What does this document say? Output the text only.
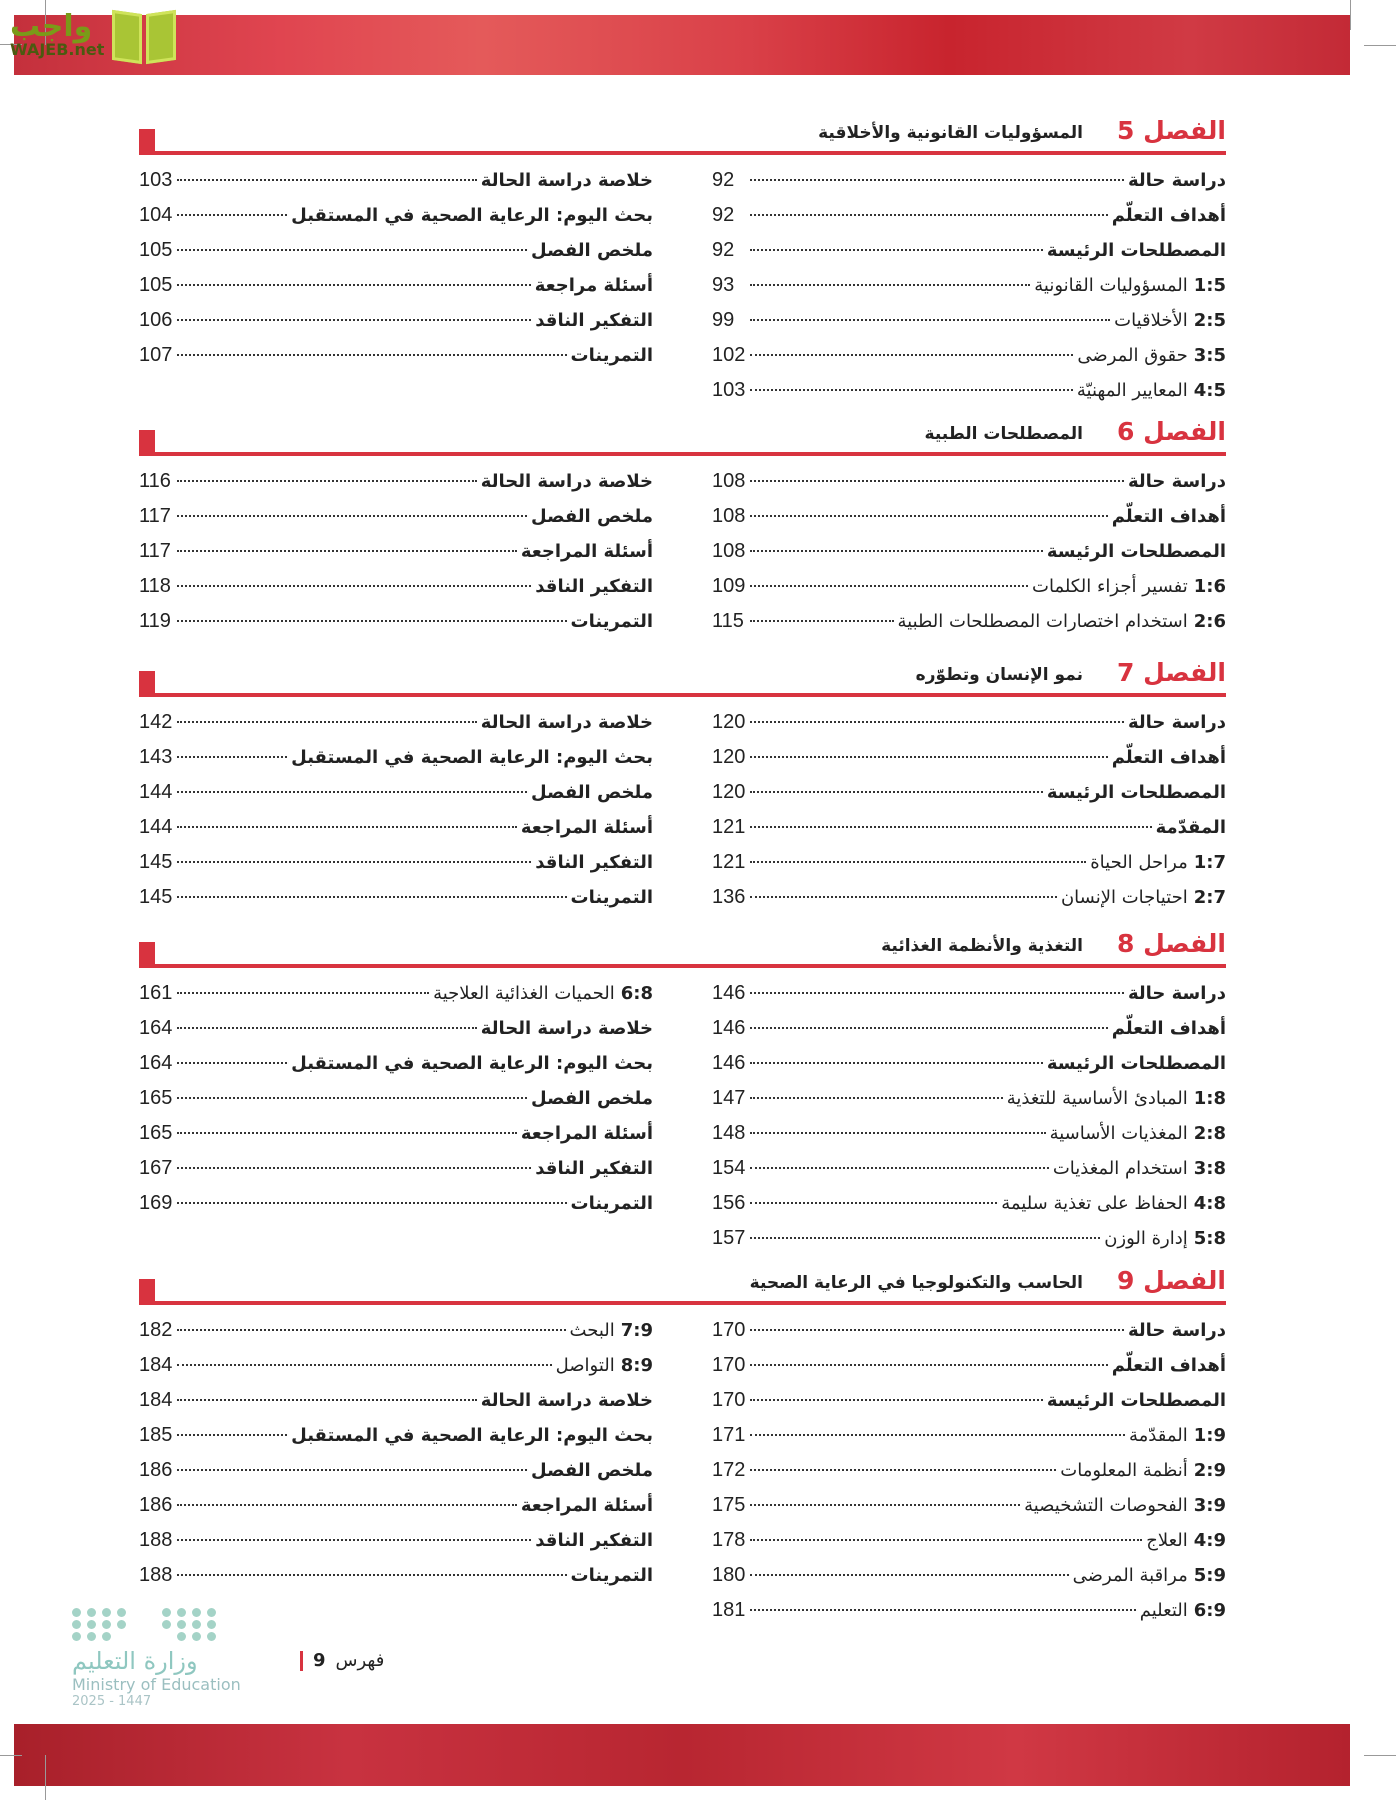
واجب
WAJEB.net
الفصل 5
المسؤوليات القانونية والأخلاقية
دراسة حالة
92
أهداف التعلّم
92
المصطلحات الرئيسة
92
1:5
المسؤوليات القانونية
93
2:5
الأخلاقيات
99
3:5
حقوق المرضى
102
4:5
المعايير المهنيّة
103
خلاصة دراسة الحالة
103
بحث اليوم: الرعاية الصحية في المستقبل
104
ملخص الفصل
105
أسئلة مراجعة
105
التفكير الناقد
106
التمرينات
107
الفصل 6
المصطلحات الطبية
دراسة حالة
108
أهداف التعلّم
108
المصطلحات الرئيسة
108
1:6
تفسير أجزاء الكلمات
109
2:6
استخدام اختصارات المصطلحات الطبية
115
خلاصة دراسة الحالة
116
ملخص الفصل
117
أسئلة المراجعة
117
التفكير الناقد
118
التمرينات
119
الفصل 7
نمو الإنسان وتطوّره
دراسة حالة
120
أهداف التعلّم
120
المصطلحات الرئيسة
120
المقدّمة
121
1:7
مراحل الحياة
121
2:7
احتياجات الإنسان
136
خلاصة دراسة الحالة
142
بحث اليوم: الرعاية الصحية في المستقبل
143
ملخص الفصل
144
أسئلة المراجعة
144
التفكير الناقد
145
التمرينات
145
الفصل 8
التغذية والأنظمة الغذائية
دراسة حالة
146
أهداف التعلّم
146
المصطلحات الرئيسة
146
1:8
المبادئ الأساسية للتغذية
147
2:8
المغذيات الأساسية
148
3:8
استخدام المغذيات
154
4:8
الحفاظ على تغذية سليمة
156
5:8
إدارة الوزن
157
6:8
الحميات الغذائية العلاجية
161
خلاصة دراسة الحالة
164
بحث اليوم: الرعاية الصحية في المستقبل
164
ملخص الفصل
165
أسئلة المراجعة
165
التفكير الناقد
167
التمرينات
169
الفصل 9
الحاسب والتكنولوجيا في الرعاية الصحية
دراسة حالة
170
أهداف التعلّم
170
المصطلحات الرئيسة
170
1:9
المقدّمة
171
2:9
أنظمة المعلومات
172
3:9
الفحوصات التشخيصية
175
4:9
العلاج
178
5:9
مراقبة المرضى
180
6:9
التعليم
181
7:9
البحث
182
8:9
التواصل
184
خلاصة دراسة الحالة
184
بحث اليوم: الرعاية الصحية في المستقبل
185
ملخص الفصل
186
أسئلة المراجعة
186
التفكير الناقد
188
التمرينات
188
وزارة التعليم
Ministry of Education
2025 - 1447
9 فهرس
